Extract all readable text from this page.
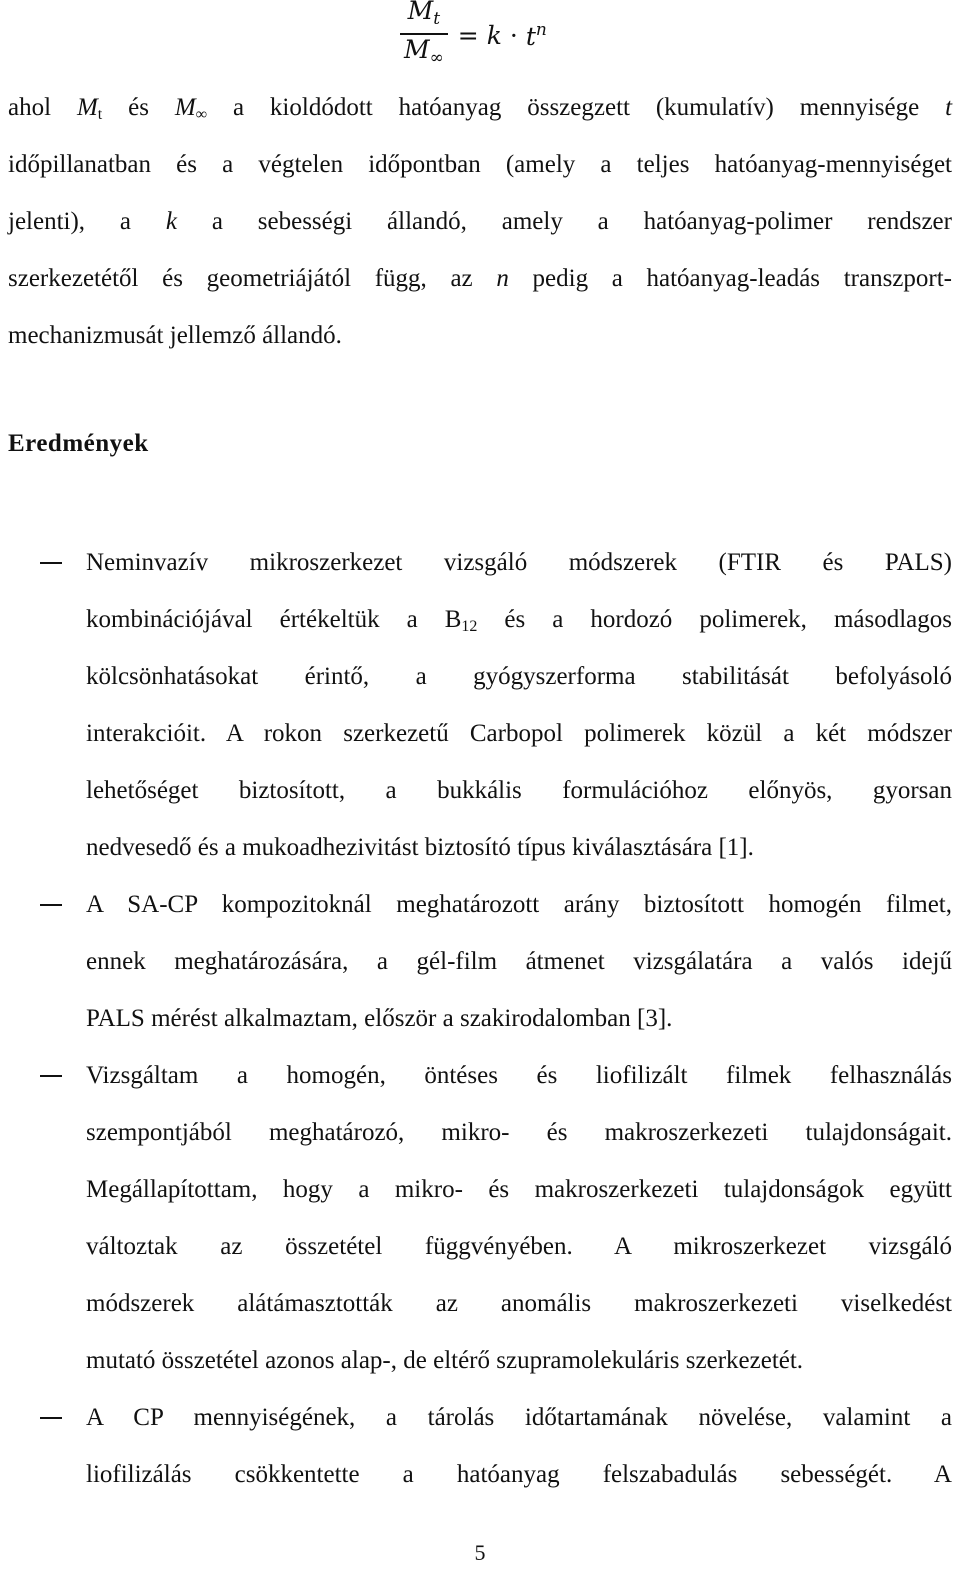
$\frac{M_t}{M_\infty} = k \cdot t^n$
ahol Mt és M∞ a kioldódott hatóanyag összegzett (kumulatív) mennyisége t
időpillanatban és a végtelen időpontban (amely a teljes hatóanyag-mennyiséget
jelenti), a k a sebességi állandó, amely a hatóanyag-polimer rendszer
szerkezetétől és geometriájától függ, az n pedig a hatóanyag-leadás transzport-
mechanizmusát jellemző állandó.
Eredmények
Neminvazív mikroszerkezet vizsgáló módszerek (FTIR és PALS)
kombinációjával értékeltük a B12 és a hordozó polimerek, másodlagos
kölcsönhatásokat érintő, a gyógyszerforma stabilitását befolyásoló
interakcióit. A rokon szerkezetű Carbopol polimerek közül a két módszer
lehetőséget biztosított, a bukkális formulációhoz előnyös, gyorsan
nedvesedő és a mukoadhezivitást biztosító típus kiválasztására [1].
A SA-CP kompozitoknál meghatározott arány biztosított homogén filmet,
ennek meghatározására, a gél-film átmenet vizsgálatára a valós idejű
PALS mérést alkalmaztam, először a szakirodalomban [3].
Vizsgáltam a homogén, öntéses és liofilizált filmek felhasználás
szempontjából meghatározó, mikro- és makroszerkezeti tulajdonságait.
Megállapítottam, hogy a mikro- és makroszerkezeti tulajdonságok együtt
változtak az összetétel függvényében. A mikroszerkezet vizsgáló
módszerek alátámasztották az anomális makroszerkezeti viselkedést
mutató összetétel azonos alap-, de eltérő szupramolekuláris szerkezetét.
A CP mennyiségének, a tárolás időtartamának növelése, valamint a
liofilizálás csökkentette a hatóanyag felszabadulás sebességét. A
5
